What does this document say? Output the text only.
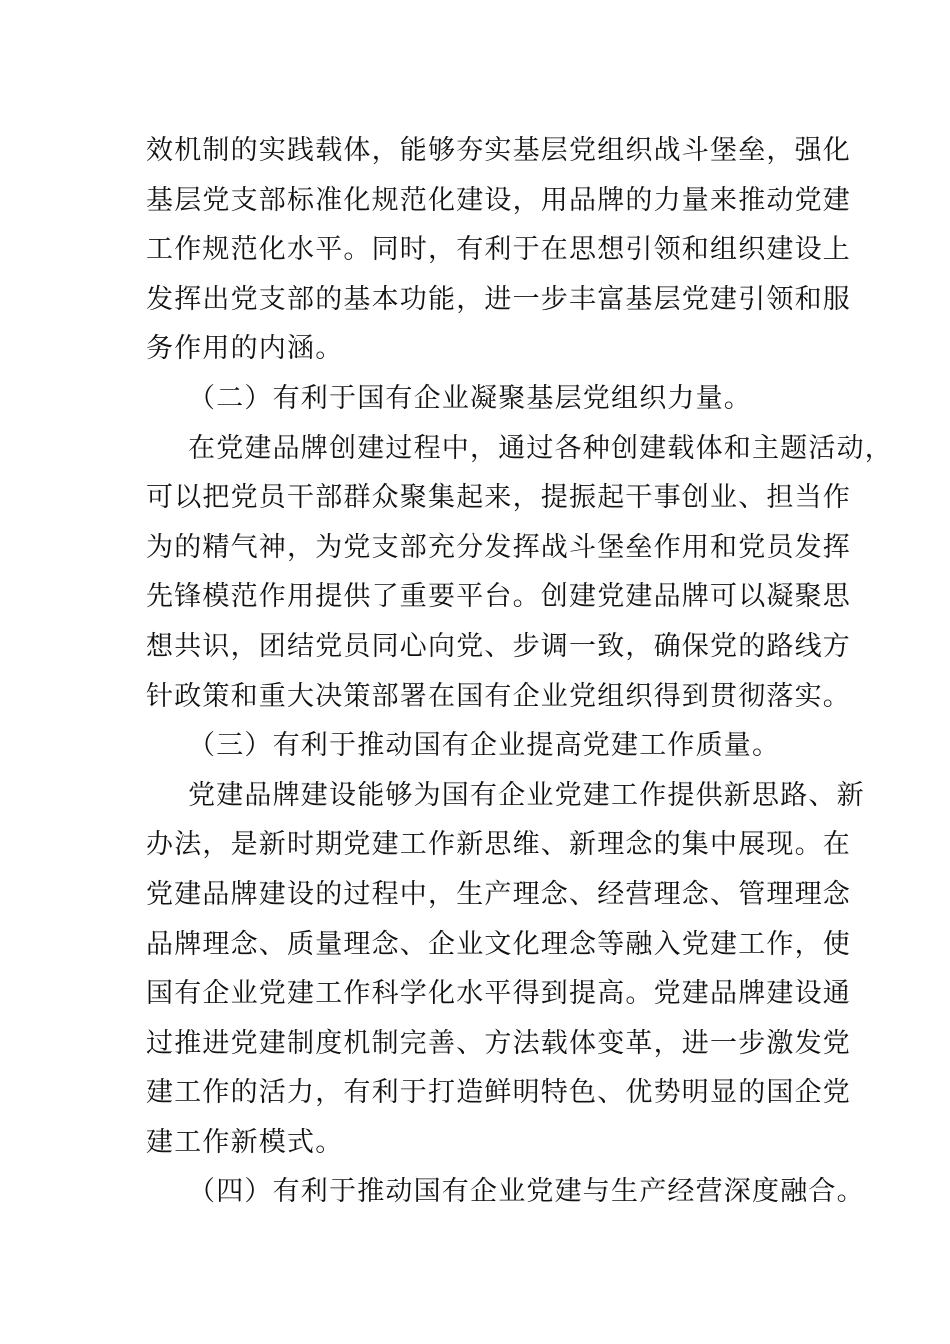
效机制的实践载体，能够夯实基层党组织战斗堡垒，强化
基层党支部标准化规范化建设，用品牌的力量来推动党建
工作规范化水平。同时，有利于在思想引领和组织建设上
发挥出党支部的基本功能，进一步丰富基层党建引领和服
务作用的内涵。
（二）有利于国有企业凝聚基层党组织力量。
在党建品牌创建过程中，通过各种创建载体和主题活动，
可以把党员干部群众聚集起来，提振起干事创业、担当作
为的精气神，为党支部充分发挥战斗堡垒作用和党员发挥
先锋模范作用提供了重要平台。创建党建品牌可以凝聚思
想共识，团结党员同心向党、步调一致，确保党的路线方
针政策和重大决策部署在国有企业党组织得到贯彻落实。
（三）有利于推动国有企业提高党建工作质量。
党建品牌建设能够为国有企业党建工作提供新思路、新
办法，是新时期党建工作新思维、新理念的集中展现。在
党建品牌建设的过程中，生产理念、经营理念、管理理念
品牌理念、质量理念、企业文化理念等融入党建工作，使
国有企业党建工作科学化水平得到提高。党建品牌建设通
过推进党建制度机制完善、方法载体变革，进一步激发党
建工作的活力，有利于打造鲜明特色、优势明显的国企党
建工作新模式。
（四）有利于推动国有企业党建与生产经营深度融合。
